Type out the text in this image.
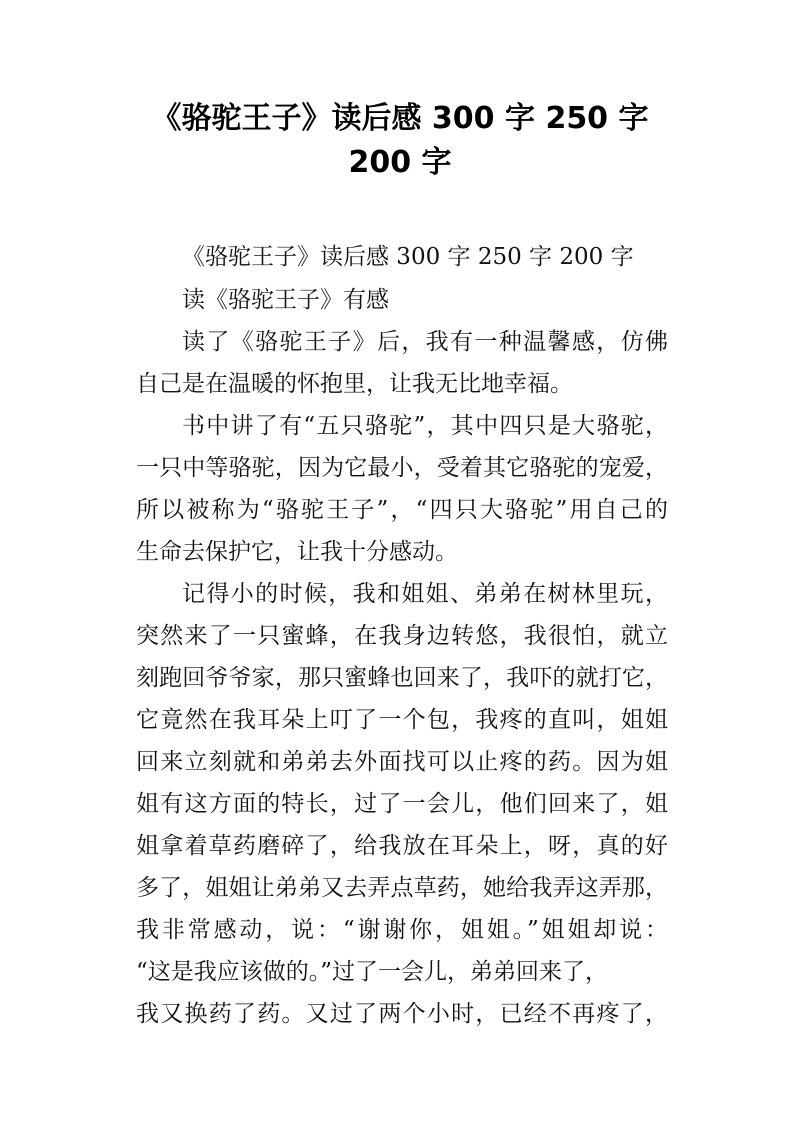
《骆驼王子》读后感 300 字 250 字
200 字
《骆驼王子》读后感 300 字 250 字 200 字
读《骆驼王子》有感
读了《骆驼王子》后，我有一种温馨感，仿佛
自己是在温暖的怀抱里，让我无比地幸福。
书中讲了有“五只骆驼”，其中四只是大骆驼，
一只中等骆驼，因为它最小，受着其它骆驼的宠爱，
所以被称为“骆驼王子”，“四只大骆驼”用自己的
生命去保护它，让我十分感动。
记得小的时候，我和姐姐、弟弟在树林里玩，
突然来了一只蜜蜂，在我身边转悠，我很怕，就立
刻跑回爷爷家，那只蜜蜂也回来了，我吓的就打它，
它竟然在我耳朵上叮了一个包，我疼的直叫，姐姐
回来立刻就和弟弟去外面找可以止疼的药。因为姐
姐有这方面的特长，过了一会儿，他们回来了，姐
姐拿着草药磨碎了，给我放在耳朵上，呀，真的好
多了，姐姐让弟弟又去弄点草药，她给我弄这弄那，
我非常感动，说：“谢谢你，姐姐。”姐姐却说：
“这是我应该做的。”过了一会儿，弟弟回来了，
我又换药了药。又过了两个小时，已经不再疼了，
